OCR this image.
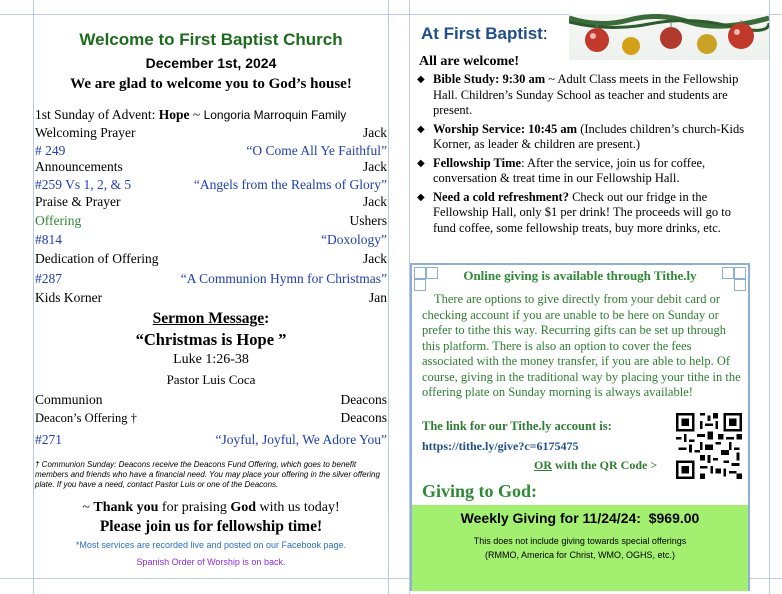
Welcome to First Baptist Church
December 1st, 2024
We are glad to welcome you to God’s house!
1st Sunday of Advent: Hope ~ Longoria Marroquin Family
Welcoming Prayer	Jack
# 249	“O Come All Ye Faithful”
Announcements	Jack
#259 Vs 1, 2, & 5	“Angels from the Realms of Glory”
Praise & Prayer	Jack
Offering	Ushers
#814	“Doxology”
Dedication of Offering	Jack
#287	“A Communion Hymn for Christmas”
Kids Korner	Jan
Sermon Message:
“Christmas is Hope ”
Luke 1:26-38
Pastor Luis Coca
Communion	Deacons
Deacon’s Offering †	Deacons
#271	“Joyful, Joyful, We Adore You”
† Communion Sunday: Deacons receive the Deacons Fund Offering, which goes to benefit members and friends who have a financial need. You may place your offering in the silver offering plate. If you have a need, contact Pastor Luis or one of the Deacons.
~ Thank you for praising God with us today!
Please join us for fellowship time!
*Most services are recorded live and posted on our Facebook page.
Spanish Order of Worship is on back.
At First Baptist:
All are welcome!
◆ Bible Study: 9:30 am ~ Adult Class meets in the Fellowship Hall. Children’s Sunday School as teacher and students are present.
◆ Worship Service: 10:45 am (Includes children’s church-Kids Korner, as leader & children are present.)
◆ Fellowship Time: After the service, join us for coffee, conversation & treat time in our Fellowship Hall.
◆ Need a cold refreshment? Check out our fridge in the Fellowship Hall, only $1 per drink! The proceeds will go to fund coffee, some fellowship treats, buy more drinks, etc.
Online giving is available through Tithe.ly
There are options to give directly from your debit card or checking account if you are unable to be here on Sunday or prefer to tithe this way. Recurring gifts can be set up through this platform. There is also an option to cover the fees associated with the money transfer, if you are able to help. Of course, giving in the traditional way by placing your tithe in the offering plate on Sunday morning is always available!
The link for our Tithe.ly account is:
https://tithe.ly/give?c=6175475
OR with the QR Code >
Giving to God:
Weekly Giving for 11/24/24: $969.00
This does not include giving towards special offerings
(RMMO, America for Christ, WMO, OGHS, etc.)
